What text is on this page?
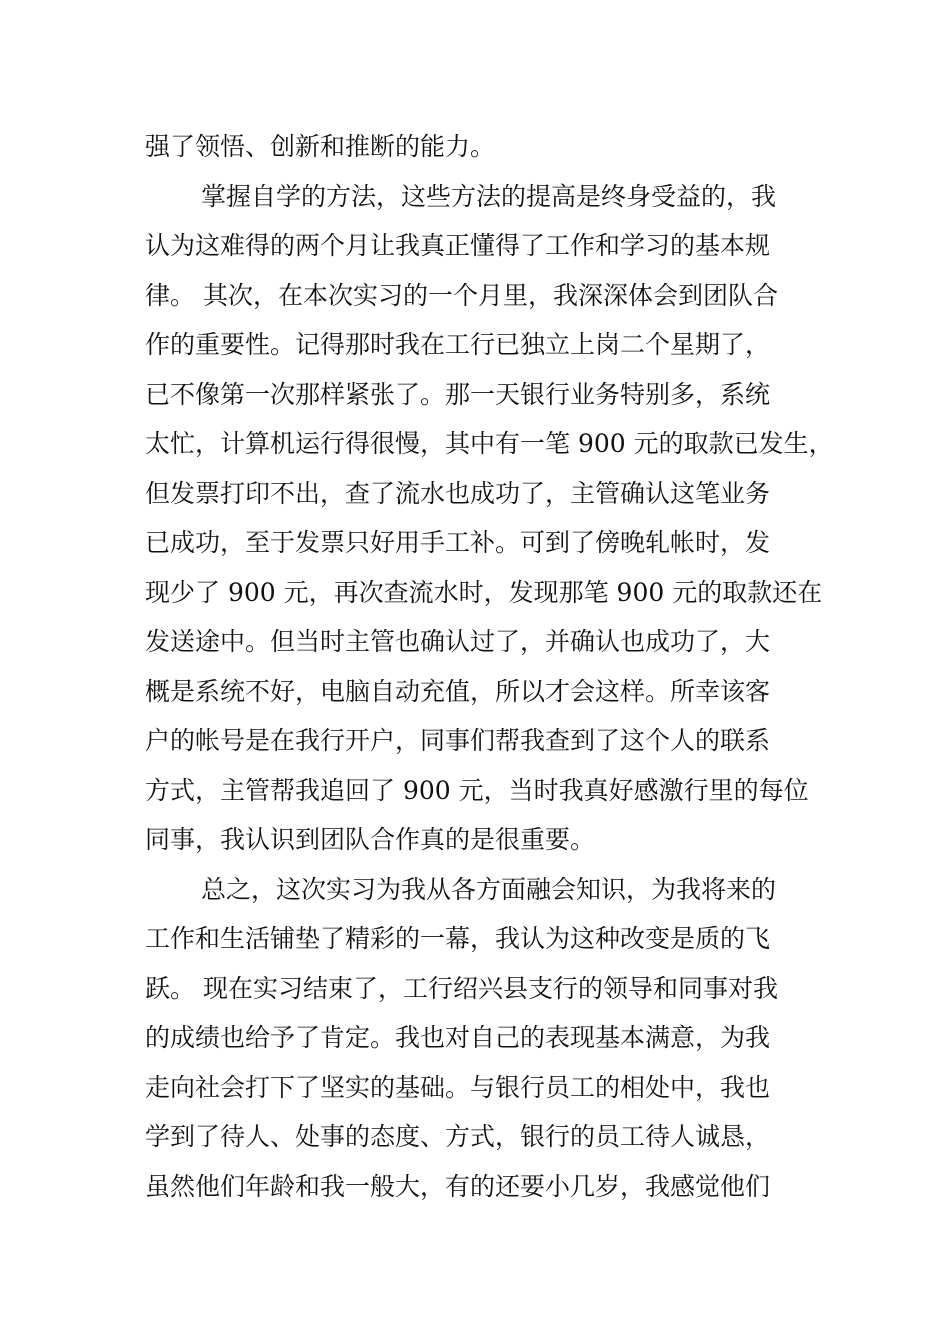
强了领悟、创新和推断的能力。
掌握自学的方法，这些方法的提高是终身受益的，我
认为这难得的两个月让我真正懂得了工作和学习的基本规
律。 其次，在本次实习的一个月里，我深深体会到团队合
作的重要性。记得那时我在工行已独立上岗二个星期了，
已不像第一次那样紧张了。那一天银行业务特别多，系统
太忙，计算机运行得很慢，其中有一笔 900 元的取款已发生，
但发票打印不出，查了流水也成功了，主管确认这笔业务
已成功，至于发票只好用手工补。可到了傍晚轧帐时，发
现少了 900 元，再次查流水时，发现那笔 900 元的取款还在
发送途中。但当时主管也确认过了，并确认也成功了，大
概是系统不好，电脑自动充值，所以才会这样。所幸该客
户的帐号是在我行开户，同事们帮我查到了这个人的联系
方式，主管帮我追回了 900 元，当时我真好感激行里的每位
同事，我认识到团队合作真的是很重要。
总之，这次实习为我从各方面融会知识，为我将来的
工作和生活铺垫了精彩的一幕，我认为这种改变是质的飞
跃。 现在实习结束了，工行绍兴县支行的领导和同事对我
的成绩也给予了肯定。我也对自己的表现基本满意，为我
走向社会打下了坚实的基础。与银行员工的相处中，我也
学到了待人、处事的态度、方式，银行的员工待人诚恳，
虽然他们年龄和我一般大，有的还要小几岁，我感觉他们
